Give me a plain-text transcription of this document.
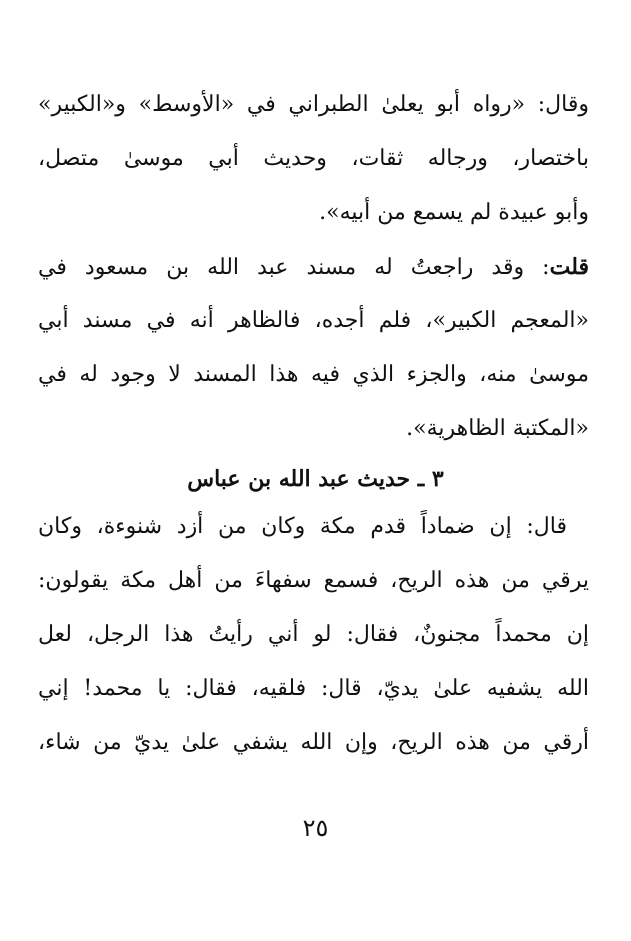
وقال: «رواه أبو يعلىٰ الطبراني في «الأوسط» و«الكبير»
باختصار، ورجاله ثقات، وحديث أبي موسىٰ متصل،
وأبو عبيدة لم يسمع من أبيه».
قلت: وقد راجعتُ له مسند عبد الله بن مسعود في
«المعجم الكبير»، فلم أجده، فالظاهر أنه في مسند أبي
موسىٰ منه، والجزء الذي فيه هذا المسند لا وجود له في
«المكتبة الظاهرية».
٣ ـ حديث عبد الله بن عباس
قال: إن ضماداً قدم مكة وكان من أزد شنوءة، وكان
يرقي من هذه الريح، فسمع سفهاءَ من أهل مكة يقولون:
إن محمداً مجنونٌ، فقال: لو أني رأيتُ هذا الرجل، لعل
الله يشفيه علىٰ يديّ، قال: فلقيه، فقال: يا محمد! إني
أرقي من هذه الريح، وإن الله يشفي علىٰ يديّ من شاء،
٢٥
